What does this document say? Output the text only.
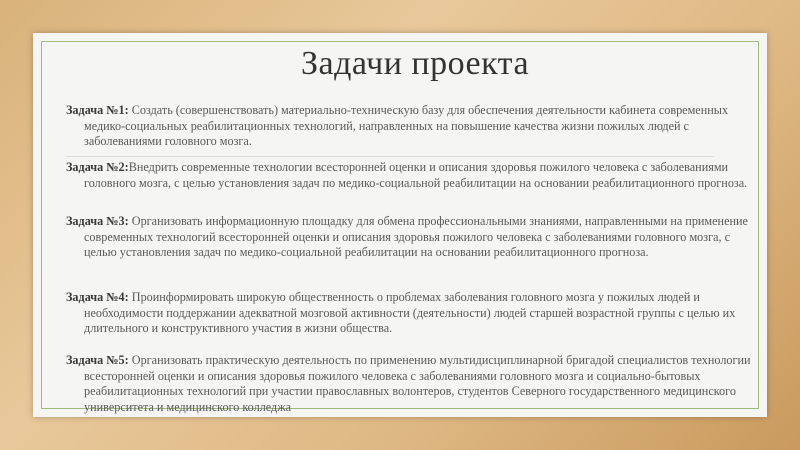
Задачи проекта

Задача №1: Создать (совершенствовать) материально-техническую базу для обеспечения деятельности кабинета современных медико-социальных реабилитационных технологий, направленных на повышение качества жизни пожилых людей с заболеваниями головного мозга.

Задача №2:Внедрить современные технологии всесторонней оценки и описания здоровья пожилого человека с заболеваниями головного мозга, с целью установления задач по медико-социальной реабилитации на основании реабилитационного прогноза.

Задача №3: Организовать информационную площадку для обмена профессиональными знаниями, направленными на применение современных технологий всесторонней оценки и описания здоровья пожилого человека с заболеваниями головного мозга, с целью установления задач по медико-социальной реабилитации на основании реабилитационного прогноза.

Задача №4: Проинформировать широкую общественность о проблемах заболевания головного мозга у пожилых людей и необходимости поддержании адекватной мозговой активности (деятельности) людей старшей возрастной группы с целью их длительного и конструктивного участия в жизни общества.

Задача №5: Организовать практическую деятельность по применению мультидисциплинарной бригадой специалистов технологии всесторонней оценки и описания здоровья пожилого человека с заболеваниями головного мозга и социально-бытовых реабилитационных технологий при участии православных волонтеров, студентов Северного государственного медицинского университета и медицинского колледжа
